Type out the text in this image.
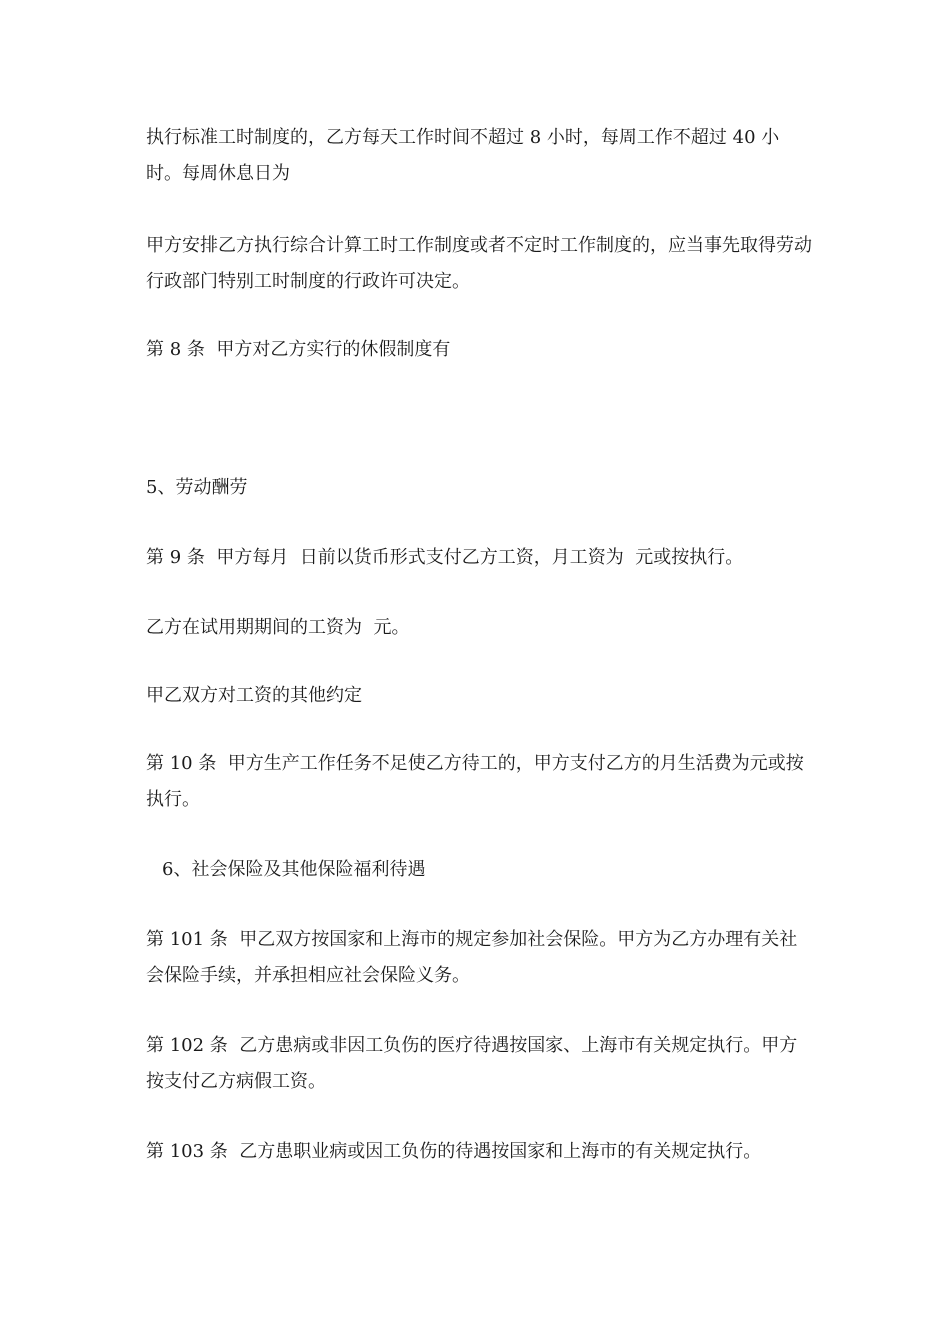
执行标准工时制度的，乙方每天工作时间不超过 8 小时，每周工作不超过 40 小时。每周休息日为

甲方安排乙方执行综合计算工时工作制度或者不定时工作制度的，应当事先取得劳动行政部门特别工时制度的行政许可决定。

第 8 条  甲方对乙方实行的休假制度有

5、劳动酬劳

第 9 条  甲方每月  日前以货币形式支付乙方工资，月工资为  元或按执行。

乙方在试用期期间的工资为  元。

甲乙双方对工资的其他约定

第 10 条  甲方生产工作任务不足使乙方待工的，甲方支付乙方的月生活费为元或按  执行。

6、社会保险及其他保险福利待遇

第 101 条  甲乙双方按国家和上海市的规定参加社会保险。甲方为乙方办理有关社会保险手续，并承担相应社会保险义务。

第 102 条  乙方患病或非因工负伤的医疗待遇按国家、上海市有关规定执行。甲方按支付乙方病假工资。

第 103 条  乙方患职业病或因工负伤的待遇按国家和上海市的有关规定执行。
